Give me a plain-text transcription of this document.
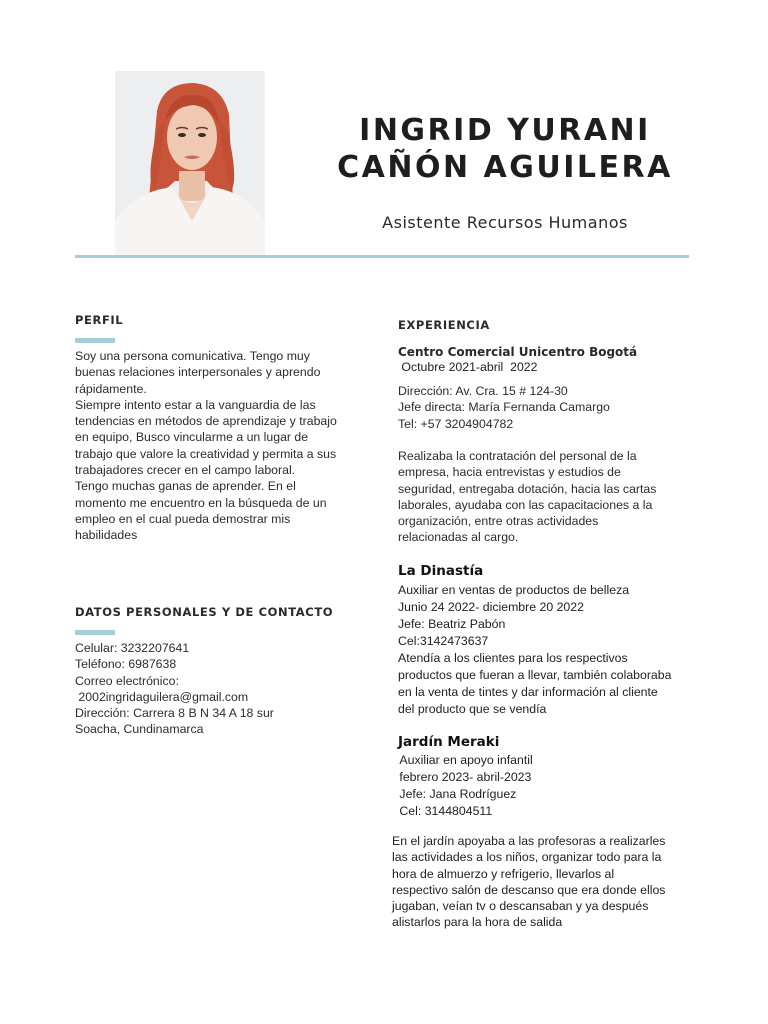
INGRID YURANI
CAÑÓN AGUILERA
Asistente Recursos Humanos
PERFIL

Soy una persona comunicativa. Tengo muy

buenas relaciones interpersonales y aprendo

rápidamente.

Siempre intento estar a la vanguardia de las

tendencias en métodos de aprendizaje y trabajo

en equipo, Busco vincularme a un lugar de

trabajo que valore la creatividad y permita a sus

trabajadores crecer en el campo laboral.

Tengo muchas ganas de aprender. En el

momento me encuentro en la búsqueda de un

empleo en el cual pueda demostrar mis

habilidades

DATOS PERSONALES Y DE CONTACTO

Celular: 3232207641

Teléfono: 6987638

Correo electrónico:

2002ingridaguilera@gmail.com

Dirección: Carrera 8 B N 34 A 18 sur

Soacha, Cundinamarca

EXPERIENCIA
Centro Comercial Unicentro Bogotá

Octubre 2021-abril  2022

Dirección: Av. Cra. 15 # 124-30

Jefe directa: María Fernanda Camargo

Tel: +57 3204904782

Realizaba la contratación del personal de la

empresa, hacia entrevistas y estudios de

seguridad, entregaba dotación, hacia las cartas

laborales, ayudaba con las capacitaciones a la

organización, entre otras actividades

relacionadas al cargo.

La Dinastía

Auxiliar en ventas de productos de belleza

Junio 24 2022- diciembre 20 2022

Jefe: Beatriz Pabón

Cel:3142473637

Atendía a los clientes para los respectivos

productos que fueran a llevar, también colaboraba

en la venta de tintes y dar información al cliente

del producto que se vendía

Jardín Meraki

Auxiliar en apoyo infantil

febrero 2023- abril-2023

Jefe: Jana Rodríguez

Cel: 3144804511

En el jardín apoyaba a las profesoras a realizarles

las actividades a los niños, organizar todo para la

hora de almuerzo y refrigerio, llevarlos al

respectivo salón de descanso que era donde ellos

jugaban, veían tv o descansaban y ya después

alistarlos para la hora de salida
